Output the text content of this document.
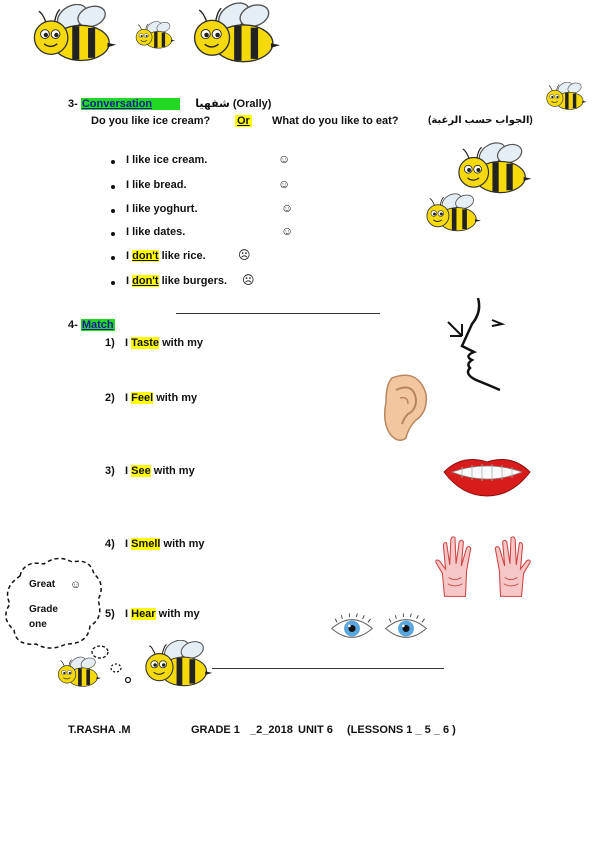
3- Conversation	شفهيا (Orally)
Do you like ice cream? Or What do you like to eat?	(الجواب حسب الرغبة)
I like ice cream.	☺
I like bread.	☺
I like yoghurt.	☺
I like dates.	☺
I don't like rice.	☹
I don't like burgers. ☹
4- Match
1) I Taste with my
2) I Feel with my
3) I See with my
4) I Smell with my
5) I Hear with my
Great ☺
Grade
one
T.RASHA .M	GRADE 1 _2_2018 UNIT 6 (LESSONS 1 _ 5 _ 6 )
